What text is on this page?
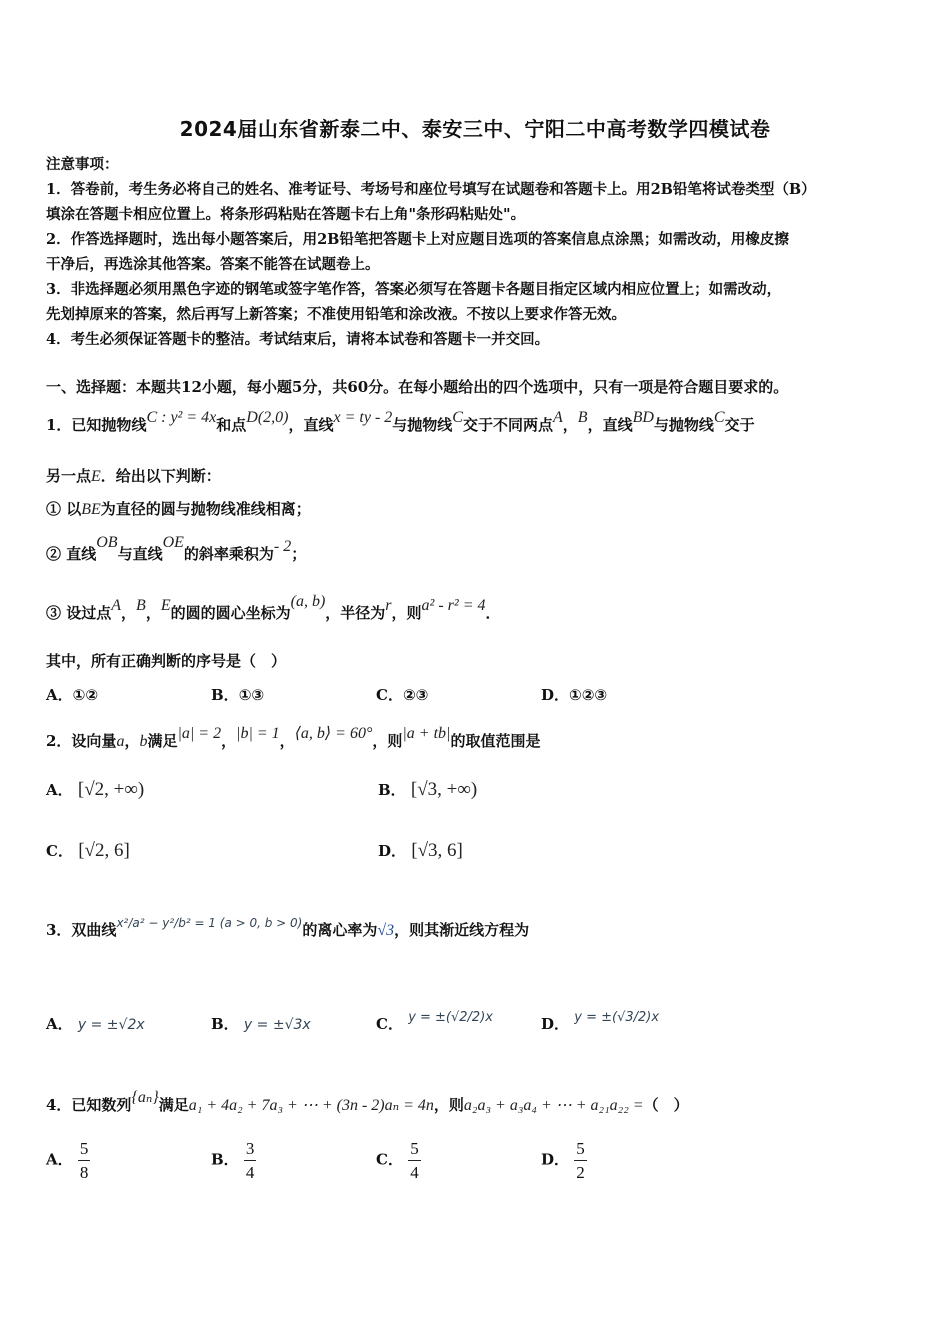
2024届山东省新泰二中、泰安三中、宁阳二中高考数学四模试卷
注意事项：
1．答卷前，考生务必将自己的姓名、准考证号、考场号和座位号填写在试题卷和答题卡上。用2B铅笔将试卷类型（B）
填涂在答题卡相应位置上。将条形码粘贴在答题卡右上角"条形码粘贴处"。
2．作答选择题时，选出每小题答案后，用2B铅笔把答题卡上对应题目选项的答案信息点涂黑；如需改动，用橡皮擦
干净后，再选涂其他答案。答案不能答在试题卷上。
3．非选择题必须用黑色字迹的钢笔或签字笔作答，答案必须写在答题卡各题目指定区域内相应位置上；如需改动，
先划掉原来的答案，然后再写上新答案；不准使用铅笔和涂改液。不按以上要求作答无效。
4．考生必须保证答题卡的整洁。考试结束后，请将本试卷和答题卡一并交回。
一、选择题：本题共12小题，每小题5分，共60分。在每小题给出的四个选项中，只有一项是符合题目要求的。
1．已知抛物线C : y² = 4x和点D(2,0)，直线x = ty - 2与抛物线C交于不同两点A，B，直线BD与抛物线C交于
另一点E．给出以下判断：
① 以BE为直径的圆与抛物线准线相离；
② 直线OB与直线OE的斜率乘积为- 2；
③ 设过点A，B，E的圆的圆心坐标为(a, b)，半径为r，则a² - r² = 4．
其中，所有正确判断的序号是（　）
A．①②	B．①③	C．②③	D．①②③
2．设向量a，b满足|a| = 2，|b| = 1，⟨a, b⟩ = 60°，则|a + tb|的取值范围是
A． [√2, +∞)	B． [√3, +∞)
C． [√2, 6]	D． [√3, 6]
3．双曲线$^{x^2/a^2 - y^2/b^2 = 1 (a > 0, b > 0)}$的离心率为√3，则其渐近线方程为
A． y = ±√2x	B． y = ±√3x	C． y = ±(√2/2)x	D． y = ±(√3/2)x
4．已知数列{aₙ}满足a₁ + 4a₂ + 7a₃ + ⋯ + (3n - 2)aₙ = 4n，则a₂a₃ + a₃a₄ + ⋯ + a₂₁a₂₂ =（　）
A． $\frac{5}{8}$	B． $\frac{3}{4}$	C． $\frac{5}{4}$	D． $\frac{5}{2}$
